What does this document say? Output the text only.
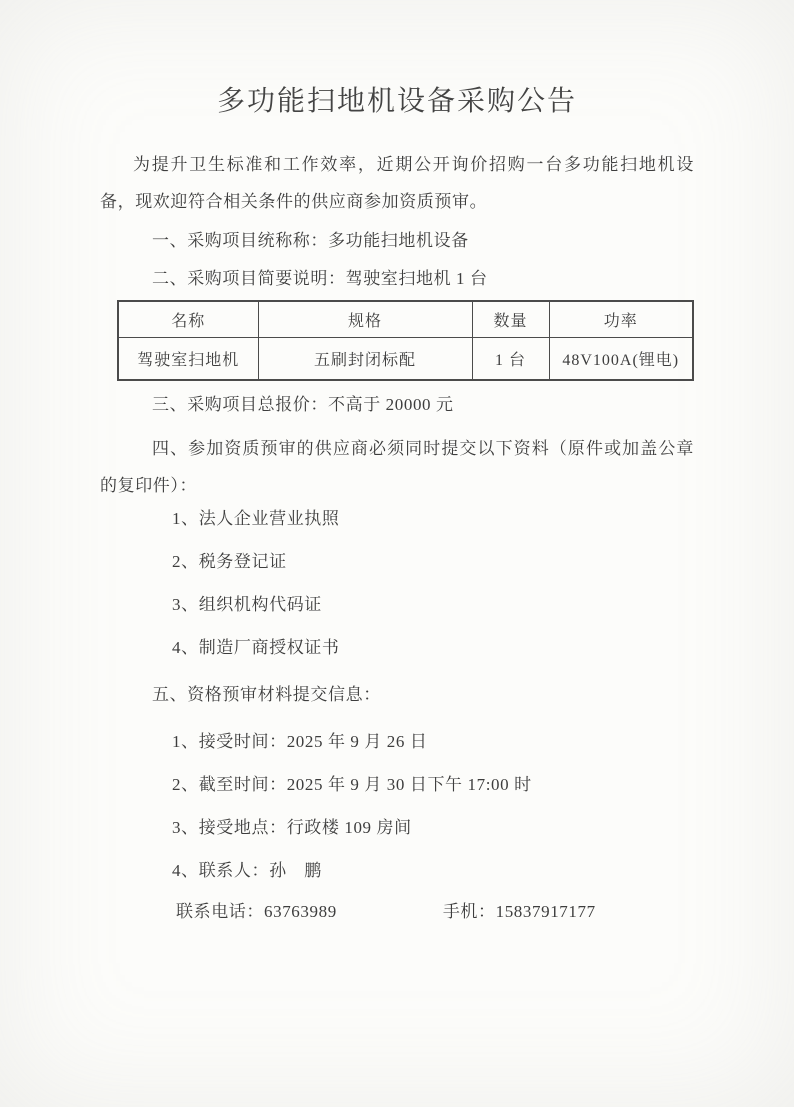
多功能扫地机设备采购公告

为提升卫生标准和工作效率，近期公开询价招购一台多功能扫地机设备，现欢迎符合相关条件的供应商参加资质预审。

一、采购项目统称称：多功能扫地机设备

二、采购项目简要说明：驾驶室扫地机 1 台

名称	规格	数量	功率
驾驶室扫地机	五刷封闭标配	1 台	48V100A(锂电)

三、采购项目总报价：不高于 20000 元

四、参加资质预审的供应商必须同时提交以下资料（原件或加盖公章的复印件）：

1、法人企业营业执照

2、税务登记证

3、组织机构代码证

4、制造厂商授权证书

五、资格预审材料提交信息：

1、接受时间：2025 年 9 月 26 日

2、截至时间：2025 年 9 月 30 日下午 17:00 时

3、接受地点：行政楼 109 房间

4、联系人：孙　鹏

联系电话：63763989	手机：15837917177
